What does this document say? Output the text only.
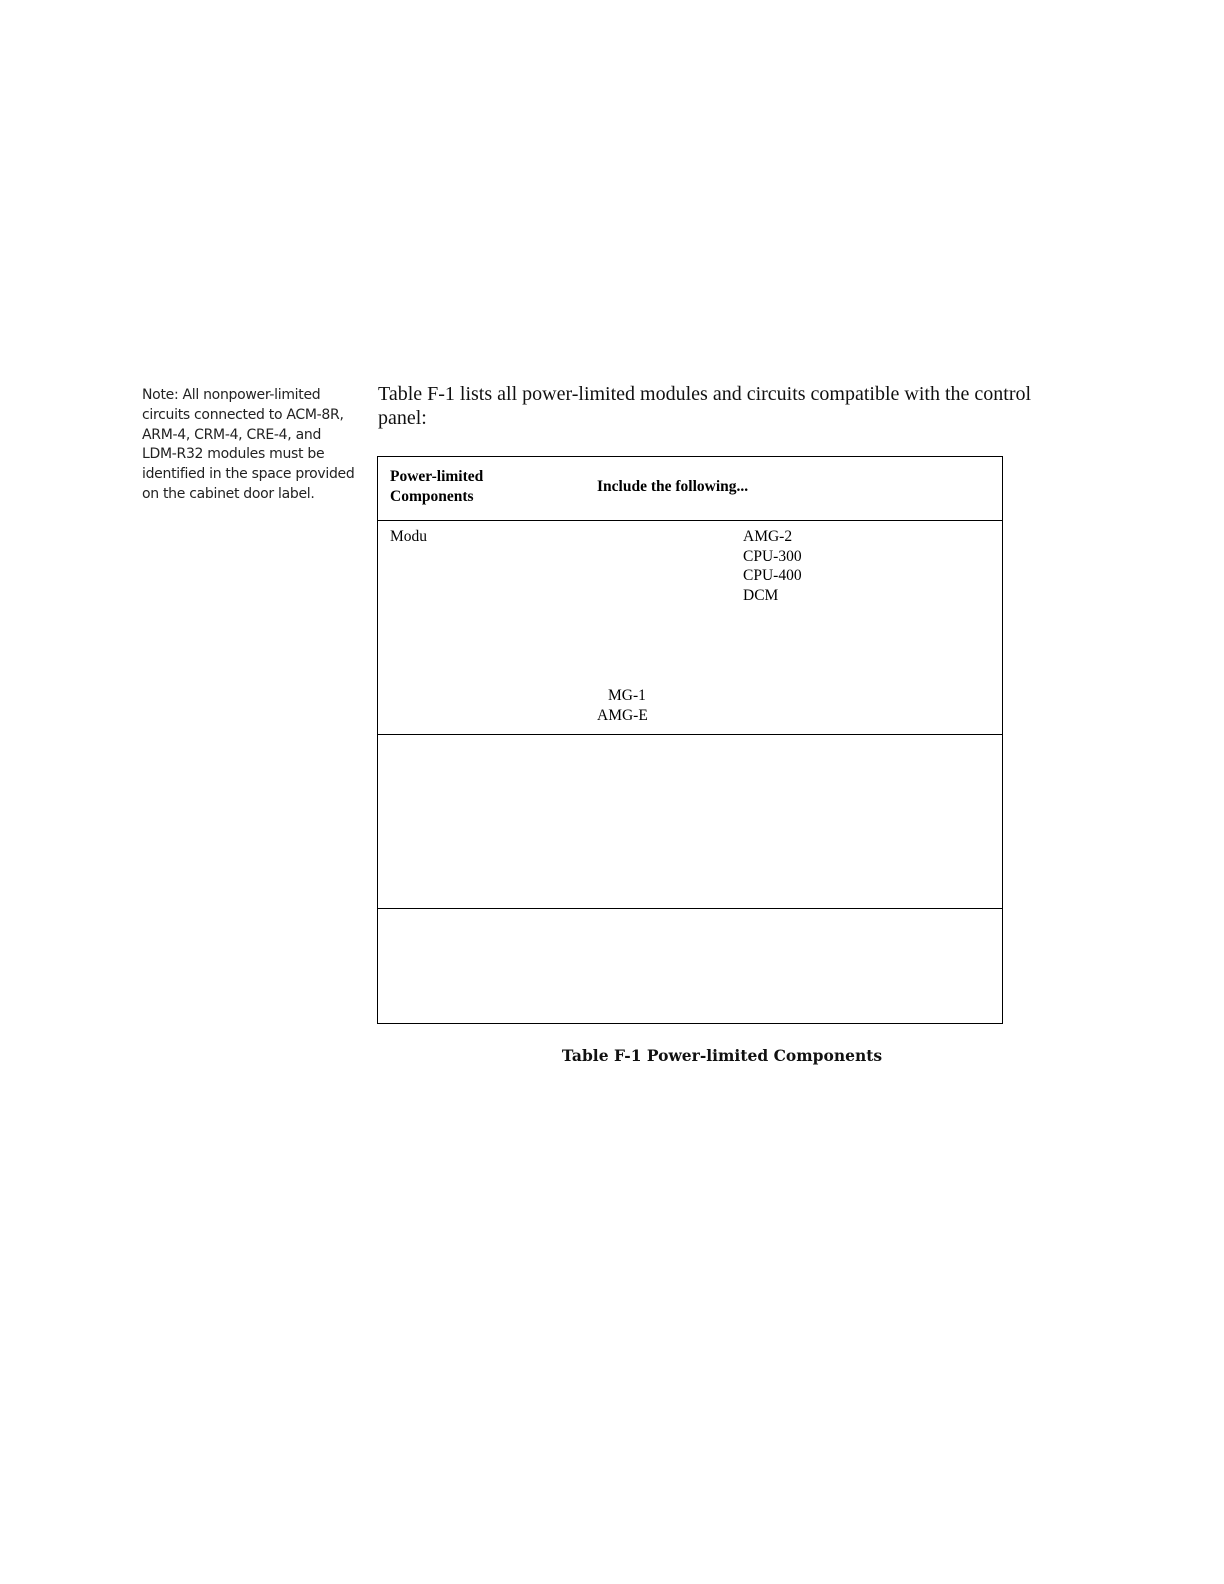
Note: All nonpower-limited
circuits connected to ACM-8R,
ARM-4, CRM-4, CRE-4, and
LDM-R32 modules must be
identified in the space provided
on the cabinet door label.
Table F-1 lists all power-limited modules and circuits compatible with the control
panel:
Power-limited
Components
Include the following...
Modu	AMG-2
CPU-300
CPU-400
DCM
MG-1
AMG-E
Table F-1 Power-limited Components
